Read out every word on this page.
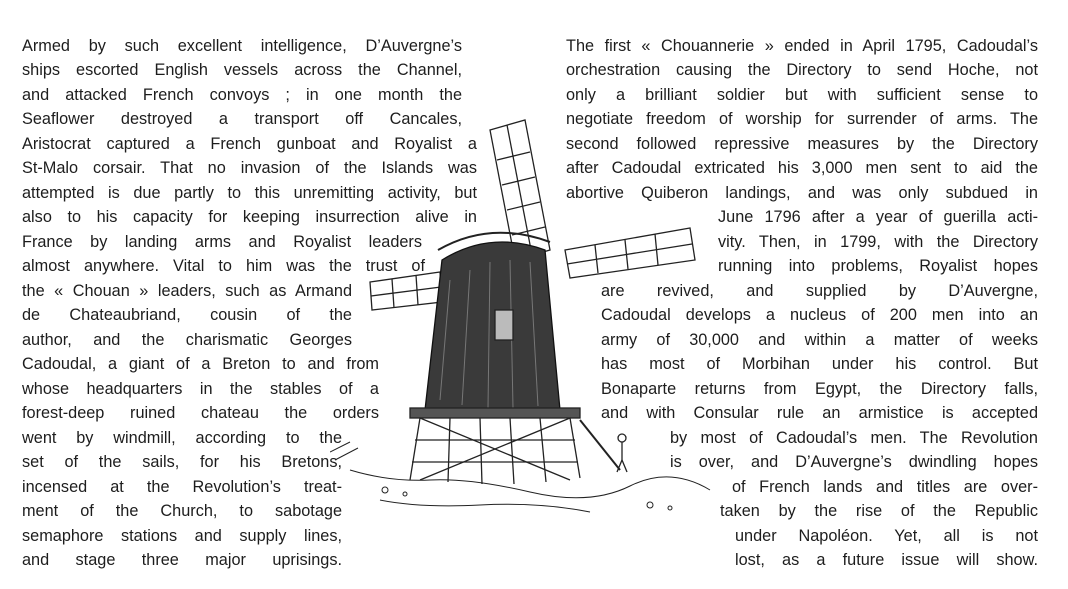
Armed by such excellent intelligence, D’Auvergne’s
ships escorted English vessels across the Channel,
and attacked French convoys ; in one month the
Seaflower destroyed a transport off Cancales,
Aristocrat captured a French gunboat and Royalist a
St-Malo corsair. That no invasion of the Islands was
attempted is due partly to this unremitting activity, but
also to his capacity for keeping insurrection alive in
France by landing arms and Royalist leaders
almost anywhere. Vital to him was the trust of
the « Chouan » leaders, such as Armand
de Chateaubriand, cousin of the
author, and the charismatic Georges
Cadoudal, a giant of a Breton to and from
whose headquarters in the stables of a
forest-deep ruined chateau the orders
went by windmill, according to the
set of the sails, for his Bretons,
incensed at the Revolution’s treat-
ment of the Church, to sabotage
semaphore stations and supply lines,
and stage three major uprisings.
The first « Chouannerie » ended in April 1795, Cadoudal’s
orchestration causing the Directory to send Hoche, not
only a brilliant soldier but with sufficient sense to
negotiate freedom of worship for surrender of arms. The
second followed repressive measures by the Directory
after Cadoudal extricated his 3,000 men sent to aid the
abortive Quiberon landings, and was only subdued in
June 1796 after a year of guerilla acti-
vity. Then, in 1799, with the Directory
running into problems, Royalist hopes
are revived, and supplied by D’Auvergne,
Cadoudal develops a nucleus of 200 men into an
army of 30,000 and within a matter of weeks
has most of Morbihan under his control. But
Bonaparte returns from Egypt, the Directory falls,
and with Consular rule an armistice is accepted
by most of Cadoudal’s men. The Revolution
is over, and D’Auvergne’s dwindling hopes
of French lands and titles are over-
taken by the rise of the Republic
under Napoléon. Yet, all is not
lost, as a future issue will show.
